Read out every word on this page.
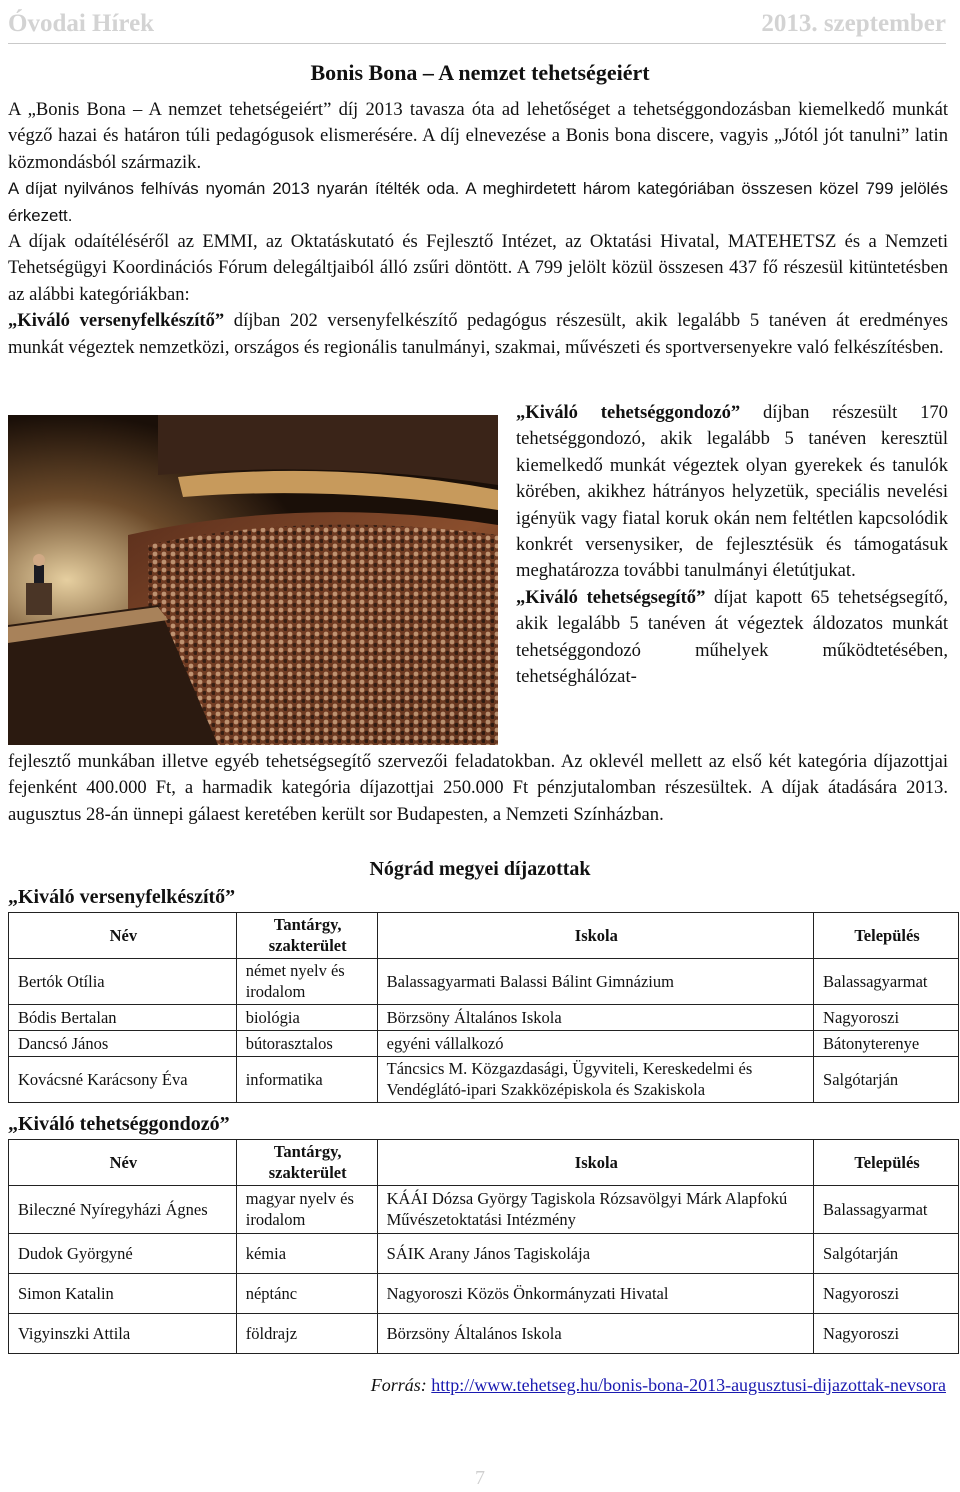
Óvodai Hírek	2013. szeptember
Bonis Bona – A nemzet tehetségeiért

A „Bonis Bona – A nemzet tehetségeiért” díj 2013 tavasza óta ad lehetőséget a tehetséggondozásban kiemelkedő munkát végző hazai és határon túli pedagógusok elismerésére. A díj elnevezése a Bonis bona discere, vagyis „Jótól jót tanulni” latin közmondásból származik.

A díjat nyilvános felhívás nyomán 2013 nyarán ítélték oda. A meghirdetett három kategóriában összesen közel 799 jelölés érkezett.

A díjak odaítéléséről az EMMI, az Oktatáskutató és Fejlesztő Intézet, az Oktatási Hivatal, MATEHETSZ és a Nemzeti Tehetségügyi Koordinációs Fórum delegáltjaiból álló zsűri döntött. A 799 jelölt közül összesen 437 fő részesül kitüntetésben az alábbi kategóriákban:

„Kiváló versenyfelkészítő” díjban 202 versenyfelkészítő pedagógus részesült, akik legalább 5 tanéven át eredményes munkát végeztek nemzetközi, országos és regionális tanulmányi, szakmai, művészeti és sportversenyekre való felkészítésben.

„Kiváló tehetséggondozó” díjban részesült 170 tehetséggondozó, akik legalább 5 tanéven keresztül kiemelkedő munkát végeztek olyan gyerekek és tanulók körében, akikhez hátrányos helyzetük, speciális nevelési igényük vagy fiatal koruk okán nem feltétlen kapcsolódik konkrét versenysiker, de fejlesztésük és támogatásuk meghatározza további tanulmányi életútjukat.

„Kiváló tehetségsegítő” díjat kapott 65 tehetségsegítő, akik legalább 5 tanéven át végeztek áldozatos munkát tehetséggondozó műhelyek működtetésében, tehetséghálózat-

fejlesztő munkában illetve egyéb tehetségsegítő szervezői feladatokban. Az oklevél mellett az első két kategória díjazottjai fejenként 400.000 Ft, a harmadik kategória díjazottjai 250.000 Ft pénzjutalomban részesültek. A díjak átadására 2013. augusztus 28-án ünnepi gálaest keretében került sor Budapesten, a Nemzeti Színházban.

Nógrád megyei díjazottak
„Kiváló versenyfelkészítő”
Név	Tantárgy, szakterület	Iskola	Település
Bertók Otília	német nyelv és irodalom	Balassagyarmati Balassi Bálint Gimnázium	Balassagyarmat
Bódis Bertalan	biológia	Börzsöny Általános Iskola	Nagyoroszi
Dancsó János	bútorasztalos	egyéni vállalkozó	Bátonyterenye
Kovácsné Karácsony Éva	informatika	Táncsics M. Közgazdasági, Ügyviteli, Kereskedelmi és Vendéglátó-ipari Szakközépiskola és Szakiskola	Salgótarján
„Kiváló tehetséggondozó”
Név	Tantárgy, szakterület	Iskola	Település
Bileczné Nyíregyházi Ágnes	magyar nyelv és irodalom	KÁÁI Dózsa György Tagiskola Rózsavölgyi Márk Alapfokú Művészetoktatási Intézmény	Balassagyarmat
Dudok Györgyné	kémia	SÁIK Arany János Tagiskolája	Salgótarján
Simon Katalin	néptánc	Nagyoroszi Közös Önkormányzati Hivatal	Nagyoroszi
Vigyinszki Attila	földrajz	Börzsöny Általános Iskola	Nagyoroszi
Forrás: http://www.tehetseg.hu/bonis-bona-2013-augusztusi-dijazottak-nevsora
7
